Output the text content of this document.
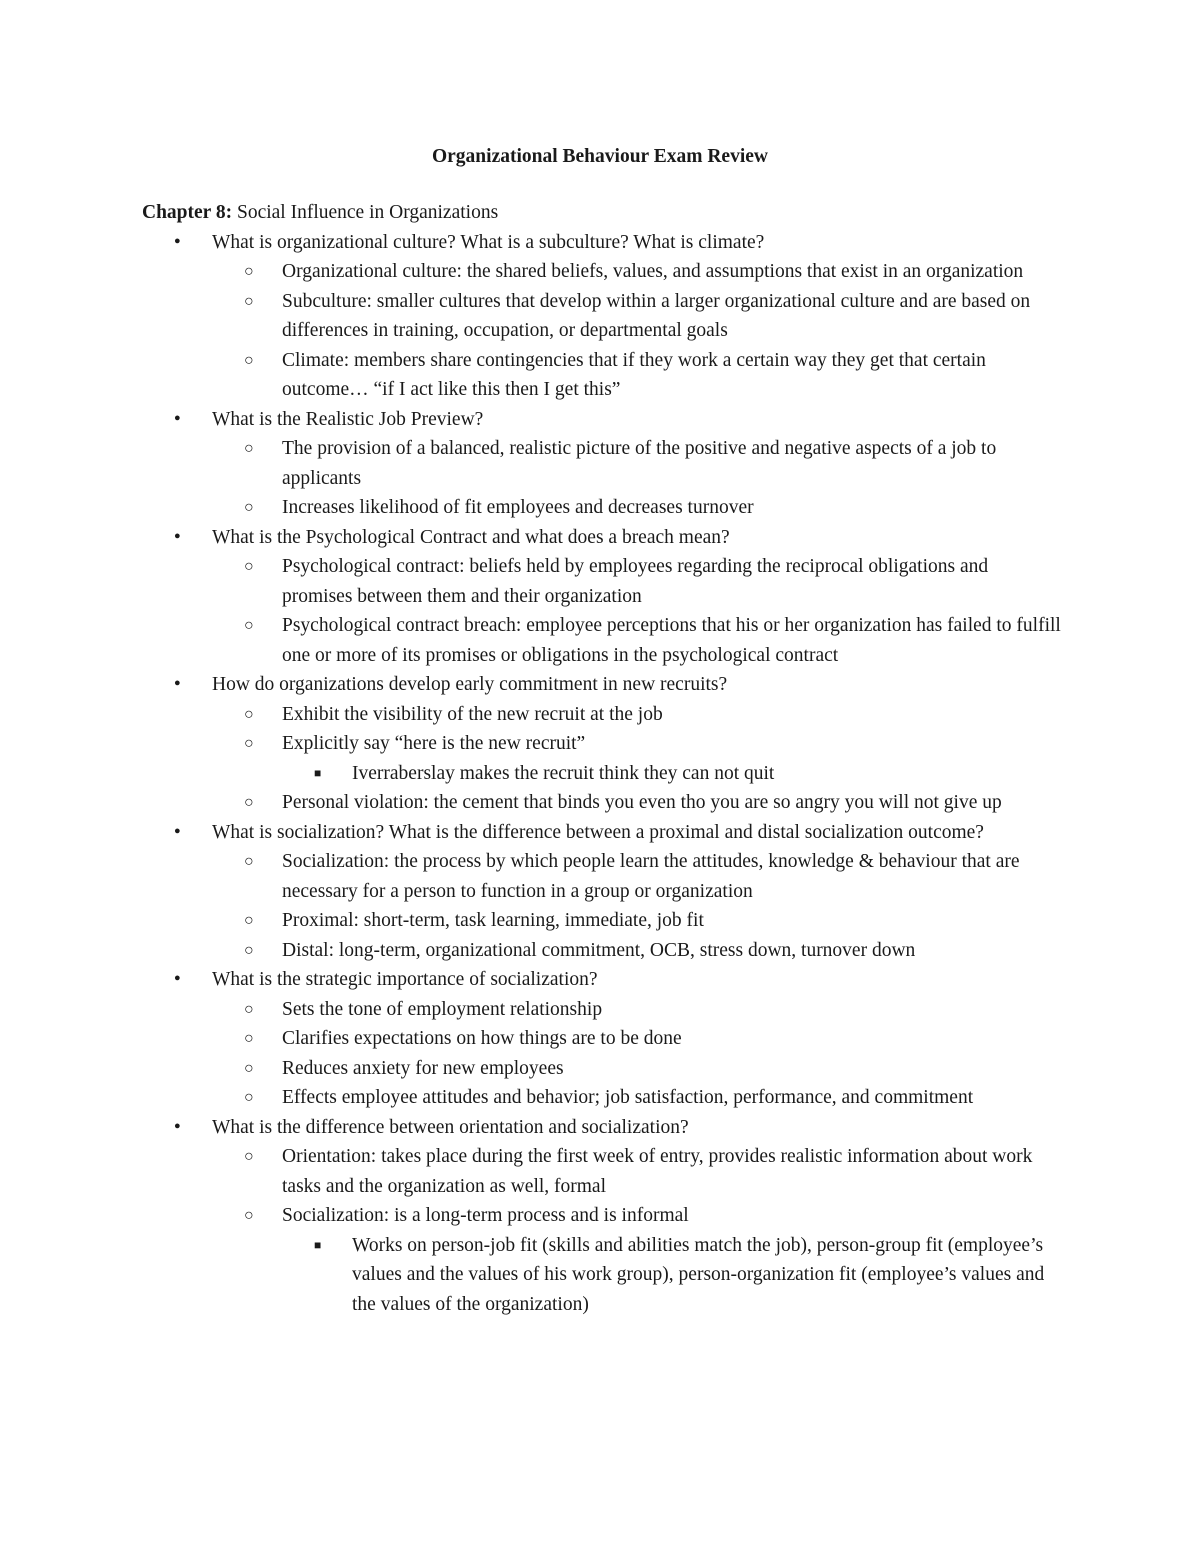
Organizational Behaviour Exam Review

Chapter 8: Social Influence in Organizations

●
What is organizational culture? What is a subculture? What is climate?
○
Organizational culture: the shared beliefs, values, and assumptions that exist in an organization
○
Subculture: smaller cultures that develop within a larger organizational culture and are based on differences in training, occupation, or departmental goals
○
Climate: members share contingencies that if they work a certain way they get that certain outcome… “if I act like this then I get this”
●
What is the Realistic Job Preview?
○
The provision of a balanced, realistic picture of the positive and negative aspects of a job to applicants
○
Increases likelihood of fit employees and decreases turnover
●
What is the Psychological Contract and what does a breach mean?
○
Psychological contract: beliefs held by employees regarding the reciprocal obligations and promises between them and their organization
○
Psychological contract breach: employee perceptions that his or her organization has failed to fulfill one or more of its promises or obligations in the psychological contract
●
How do organizations develop early commitment in new recruits?
○
Exhibit the visibility of the new recruit at the job
○
Explicitly say “here is the new recruit”
■
Iverraberslay makes the recruit think they can not quit
○
Personal violation: the cement that binds you even tho you are so angry you will not give up
●
What is socialization? What is the difference between a proximal and distal socialization outcome?
○
Socialization: the process by which people learn the attitudes, knowledge & behaviour that are necessary for a person to function in a group or organization
○
Proximal: short-term, task learning, immediate, job fit
○
Distal: long-term, organizational commitment, OCB, stress down, turnover down
●
What is the strategic importance of socialization?
○
Sets the tone of employment relationship
○
Clarifies expectations on how things are to be done
○
Reduces anxiety for new employees
○
Effects employee attitudes and behavior; job satisfaction, performance, and commitment
●
What is the difference between orientation and socialization?
○
Orientation: takes place during the first week of entry, provides realistic information about work tasks and the organization as well, formal
○
Socialization: is a long-term process and is informal
■
Works on person-job fit (skills and abilities match the job), person-group fit (employee’s values and the values of his work group), person-organization fit (employee’s values and the values of the organization)
